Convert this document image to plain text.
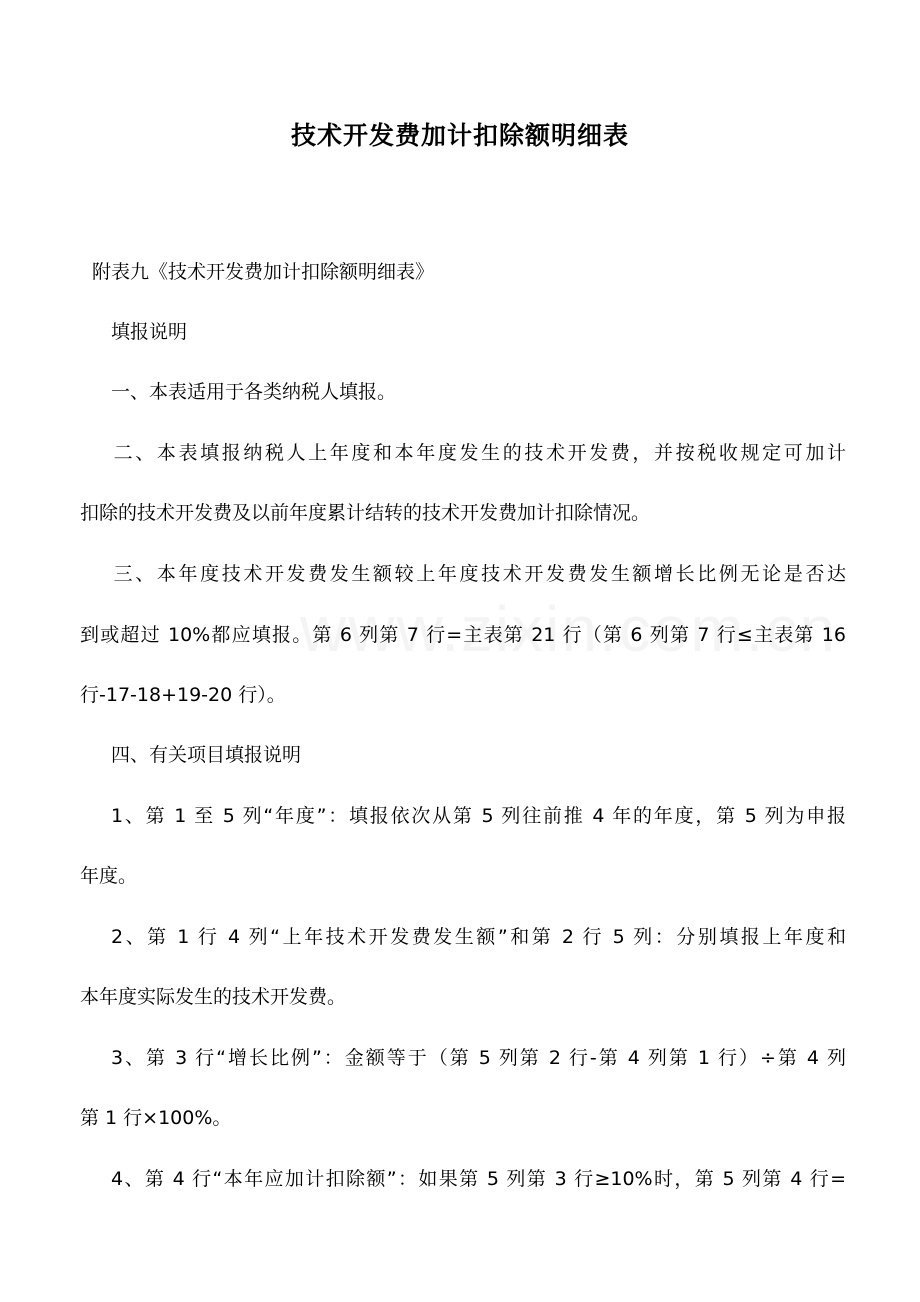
技术开发费加计扣除额明细表
附表九《技术开发费加计扣除额明细表》
填报说明
一、本表适用于各类纳税人填报。
二、本表填报纳税人上年度和本年度发生的技术开发费，并按税收规定可加计
扣除的技术开发费及以前年度累计结转的技术开发费加计扣除情况。
三、本年度技术开发费发生额较上年度技术开发费发生额增长比例无论是否达
到或超过 10%都应填报。第 6 列第 7 行=主表第 21 行（第 6 列第 7 行≤主表第 16
行-17-18+19-20 行）。
四、有关项目填报说明
1、第 1 至 5 列“年度”：填报依次从第 5 列往前推 4 年的年度，第 5 列为申报
年度。
2、第 1 行 4 列“上年技术开发费发生额”和第 2 行 5 列：分别填报上年度和
本年度实际发生的技术开发费。
3、第 3 行“增长比例”：金额等于（第 5 列第 2 行-第 4 列第 1 行）÷第 4 列
第 1 行×100%。
4、第 4 行“本年应加计扣除额”：如果第 5 列第 3 行≥10%时，第 5 列第 4 行=
